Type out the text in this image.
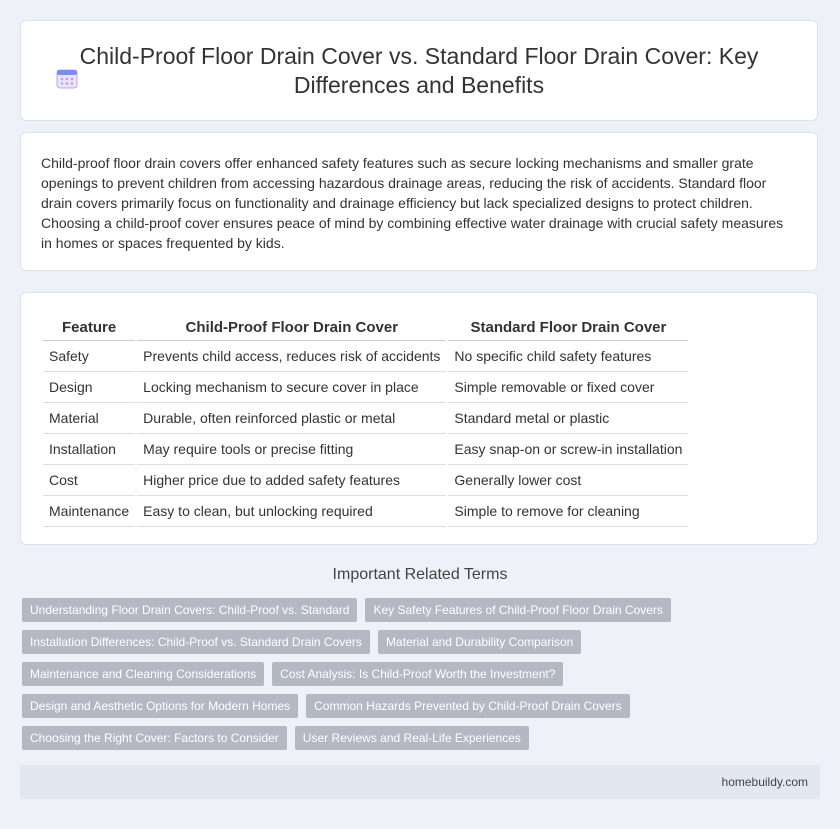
Child-Proof Floor Drain Cover vs. Standard Floor Drain Cover: Key Differences and Benefits

Child-proof floor drain covers offer enhanced safety features such as secure locking mechanisms and smaller grate openings to prevent children from accessing hazardous drainage areas, reducing the risk of accidents. Standard floor drain covers primarily focus on functionality and drainage efficiency but lack specialized designs to protect children. Choosing a child-proof cover ensures peace of mind by combining effective water drainage with crucial safety measures in homes or spaces frequented by kids.

Feature	Child-Proof Floor Drain Cover	Standard Floor Drain Cover
Safety	Prevents child access, reduces risk of accidents	No specific child safety features
Design	Locking mechanism to secure cover in place	Simple removable or fixed cover
Material	Durable, often reinforced plastic or metal	Standard metal or plastic
Installation	May require tools or precise fitting	Easy snap-on or screw-in installation
Cost	Higher price due to added safety features	Generally lower cost
Maintenance	Easy to clean, but unlocking required	Simple to remove for cleaning
Important Related Terms
Understanding Floor Drain Covers: Child-Proof vs. Standard	Key Safety Features of Child-Proof Floor Drain Covers
Installation Differences: Child-Proof vs. Standard Drain Covers	Material and Durability Comparison
Maintenance and Cleaning Considerations	Cost Analysis: Is Child-Proof Worth the Investment?
Design and Aesthetic Options for Modern Homes	Common Hazards Prevented by Child-Proof Drain Covers
Choosing the Right Cover: Factors to Consider	User Reviews and Real-Life Experiences
homebuildy.com
